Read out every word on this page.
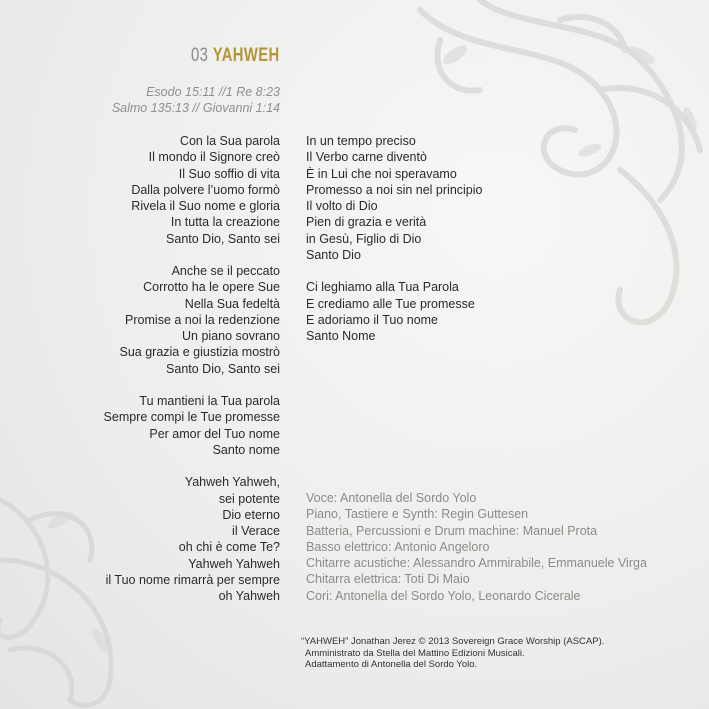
03 YAHWEH
Esodo 15:11 //1 Re 8:23
Salmo 135:13 // Giovanni 1:14
Con la Sua parola
Il mondo il Signore creò
Il Suo soffio di vita
Dalla polvere l’uomo formò
Rivela il Suo nome e gloria
In tutta la creazione
Santo Dio, Santo sei
Anche se il peccato
Corrotto ha le opere Sue
Nella Sua fedeltà
Promise a noi la redenzione
Un piano sovrano
Sua grazia e giustizia mostrò
Santo Dio, Santo sei
Tu mantieni la Tua parola
Sempre compi le Tue promesse
Per amor del Tuo nome
Santo nome
Yahweh Yahweh,
sei potente
Dio eterno
il Verace
oh chi è come Te?
Yahweh Yahweh
il Tuo nome rimarrà per sempre
oh Yahweh
In un tempo preciso
Il Verbo carne diventò
È in Lui che noi speravamo
Promesso a noi sin nel principio
Il volto di Dio
Pien di grazia e verità
in Gesù, Figlio di Dio
Santo Dio
Ci leghiamo alla Tua Parola
E crediamo alle Tue promesse
E adoriamo il Tuo nome
Santo Nome
Voce: Antonella del Sordo Yolo
Piano, Tastiere e Synth: Regin Guttesen
Batteria, Percussioni e Drum machine: Manuel Prota
Basso elettrico: Antonio Angeloro
Chitarre acustiche: Alessandro Ammirabile, Emmanuele Virga
Chitarra elettrica: Toti Di Maio
Cori: Antonella del Sordo Yolo, Leonardo Cicerale
“YAHWEH” Jonathan Jerez © 2013 Sovereign Grace Worship (ASCAP).
Amministrato da Stella del Mattino Edizioni Musicali.
Adattamento di Antonella del Sordo Yolo.
